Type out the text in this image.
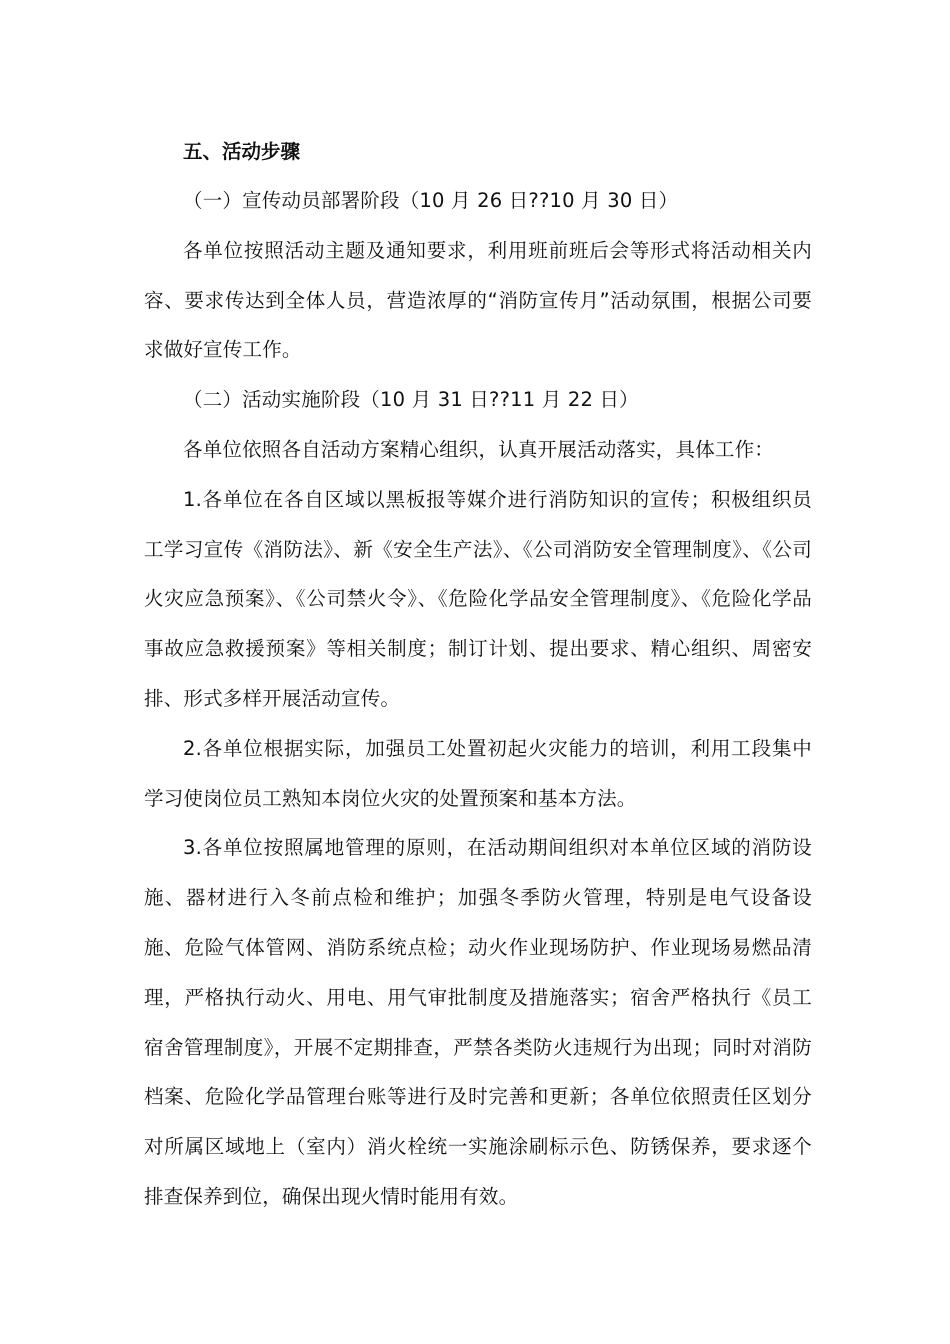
五、活动步骤

（一）宣传动员部署阶段（10 月 26 日??10 月 30 日）

各单位按照活动主题及通知要求，利用班前班后会等形式将活动相关内容、要求传达到全体人员，营造浓厚的“消防宣传月”活动氛围，根据公司要求做好宣传工作。

（二）活动实施阶段（10 月 31 日??11 月 22 日）

各单位依照各自活动方案精心组织，认真开展活动落实，具体工作：

1.各单位在各自区域以黑板报等媒介进行消防知识的宣传；积极组织员工学习宣传《消防法》、新《安全生产法》、《公司消防安全管理制度》、《公司火灾应急预案》、《公司禁火令》、《危险化学品安全管理制度》、《危险化学品事故应急救援预案》等相关制度；制订计划、提出要求、精心组织、周密安排、形式多样开展活动宣传。

2.各单位根据实际，加强员工处置初起火灾能力的培训，利用工段集中学习使岗位员工熟知本岗位火灾的处置预案和基本方法。

3.各单位按照属地管理的原则，在活动期间组织对本单位区域的消防设施、器材进行入冬前点检和维护；加强冬季防火管理，特别是电气设备设施、危险气体管网、消防系统点检；动火作业现场防护、作业现场易燃品清理，严格执行动火、用电、用气审批制度及措施落实；宿舍严格执行《员工宿舍管理制度》，开展不定期排查，严禁各类防火违规行为出现；同时对消防档案、危险化学品管理台账等进行及时完善和更新；各单位依照责任区划分对所属区域地上（室内）消火栓统一实施涂刷标示色、防锈保养，要求逐个排查保养到位，确保出现火情时能用有效。
